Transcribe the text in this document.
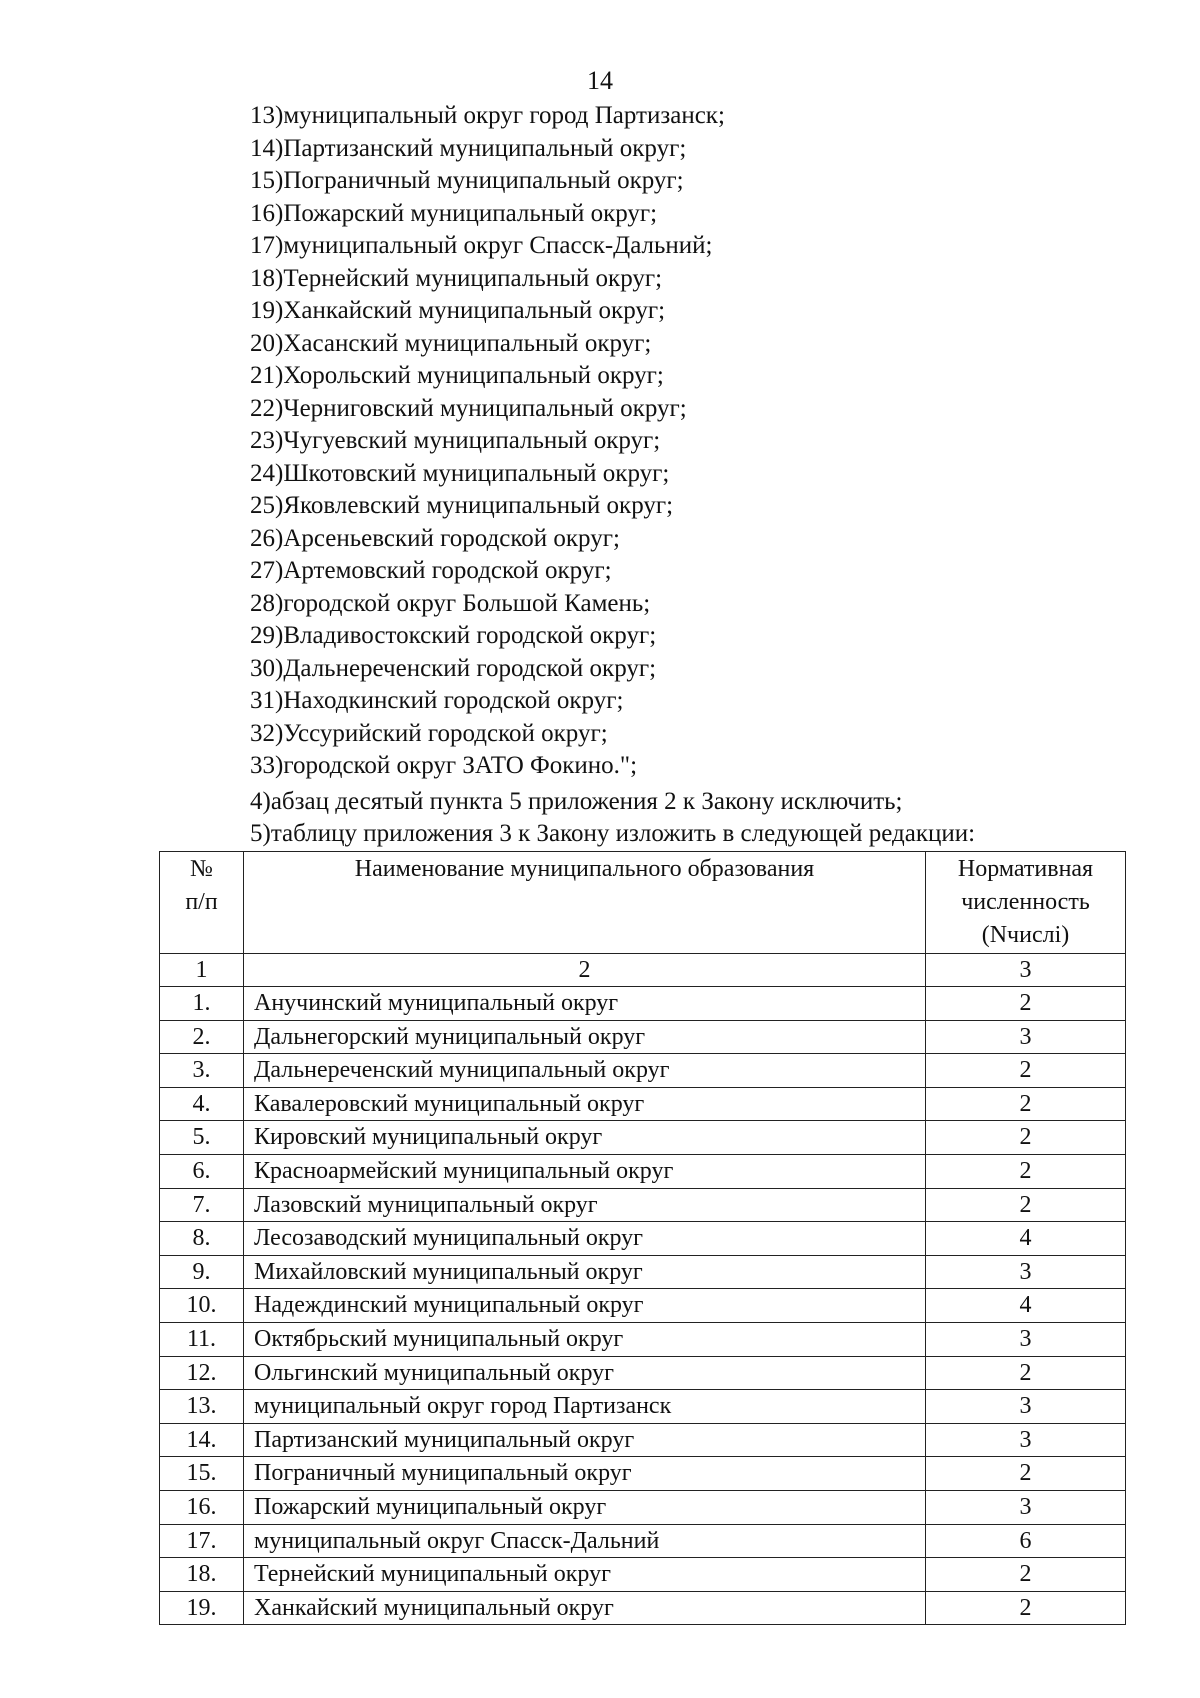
14
13)муниципальный округ город Партизанск;
14)Партизанский муниципальный округ;
15)Пограничный муниципальный округ;
16)Пожарский муниципальный округ;
17)муниципальный округ Спасск-Дальний;
18)Тернейский муниципальный округ;
19)Ханкайский муниципальный округ;
20)Хасанский муниципальный округ;
21)Хорольский муниципальный округ;
22)Черниговский муниципальный округ;
23)Чугуевский муниципальный округ;
24)Шкотовский муниципальный округ;
25)Яковлевский муниципальный округ;
26)Арсеньевский городской округ;
27)Артемовский городской округ;
28)городской округ Большой Камень;
29)Владивостокский городской округ;
30)Дальнереченский городской округ;
31)Находкинский городской округ;
32)Уссурийский городской округ;
33)городской округ ЗАТО Фокино.";
4)абзац десятый пункта 5 приложения 2 к Закону исключить;
5)таблицу приложения 3 к Закону изложить в следующей редакции:
№
п/п	Наименование муниципального образования	Нормативная
численность
(Nчислi)

1	2	3
1.	Анучинский муниципальный округ	2
2.	Дальнегорский муниципальный округ	3
3.	Дальнереченский муниципальный округ	2
4.	Кавалеровский муниципальный округ	2
5.	Кировский муниципальный округ	2
6.	Красноармейский муниципальный округ	2
7.	Лазовский муниципальный округ	2
8.	Лесозаводский муниципальный округ	4
9.	Михайловский муниципальный округ	3
10.	Надеждинский муниципальный округ	4
11.	Октябрьский муниципальный округ	3
12.	Ольгинский муниципальный округ	2
13.	муниципальный округ город Партизанск	3
14.	Партизанский муниципальный округ	3
15.	Пограничный муниципальный округ	2
16.	Пожарский муниципальный округ	3
17.	муниципальный округ Спасск-Дальний	6
18.	Тернейский муниципальный округ	2
19.	Ханкайский муниципальный округ	2
